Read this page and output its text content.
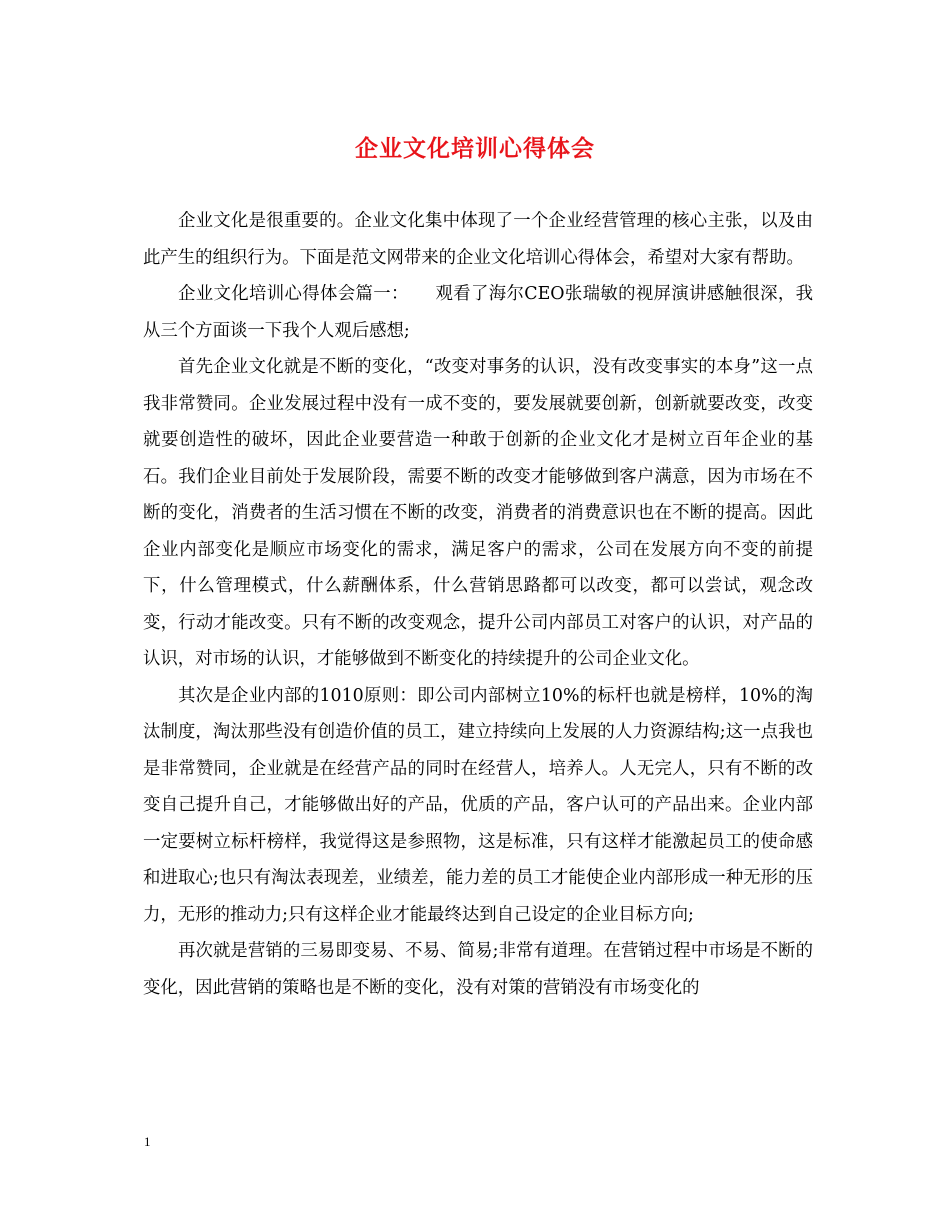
企业文化培训心得体会

企业文化是很重要的。企业文化集中体现了一个企业经营管理的核心主张，以及由此产生的组织行为。下面是范文网带来的企业文化培训心得体会，希望对大家有帮助。

企业文化培训心得体会篇一：　　观看了海尔CEO张瑞敏的视屏演讲感触很深，我从三个方面谈一下我个人观后感想;

首先企业文化就是不断的变化，“改变对事务的认识，没有改变事实的本身”这一点我非常赞同。企业发展过程中没有一成不变的，要发展就要创新，创新就要改变，改变就要创造性的破坏，因此企业要营造一种敢于创新的企业文化才是树立百年企业的基石。我们企业目前处于发展阶段，需要不断的改变才能够做到客户满意，因为市场在不断的变化，消费者的生活习惯在不断的改变，消费者的消费意识也在不断的提高。因此企业内部变化是顺应市场变化的需求，满足客户的需求，公司在发展方向不变的前提下，什么管理模式，什么薪酬体系，什么营销思路都可以改变，都可以尝试，观念改变，行动才能改变。只有不断的改变观念，提升公司内部员工对客户的认识，对产品的认识，对市场的认识，才能够做到不断变化的持续提升的公司企业文化。

其次是企业内部的1010原则：即公司内部树立10%的标杆也就是榜样，10%的淘汰制度，淘汰那些没有创造价值的员工，建立持续向上发展的人力资源结构;这一点我也是非常赞同，企业就是在经营产品的同时在经营人，培养人。人无完人，只有不断的改变自己提升自己，才能够做出好的产品，优质的产品，客户认可的产品出来。企业内部一定要树立标杆榜样，我觉得这是参照物，这是标准，只有这样才能激起员工的使命感和进取心;也只有淘汰表现差，业绩差，能力差的员工才能使企业内部形成一种无形的压力，无形的推动力;只有这样企业才能最终达到自己设定的企业目标方向;

再次就是营销的三易即变易、不易、简易;非常有道理。在营销过程中市场是不断的变化，因此营销的策略也是不断的变化，没有对策的营销没有市场变化的

1
